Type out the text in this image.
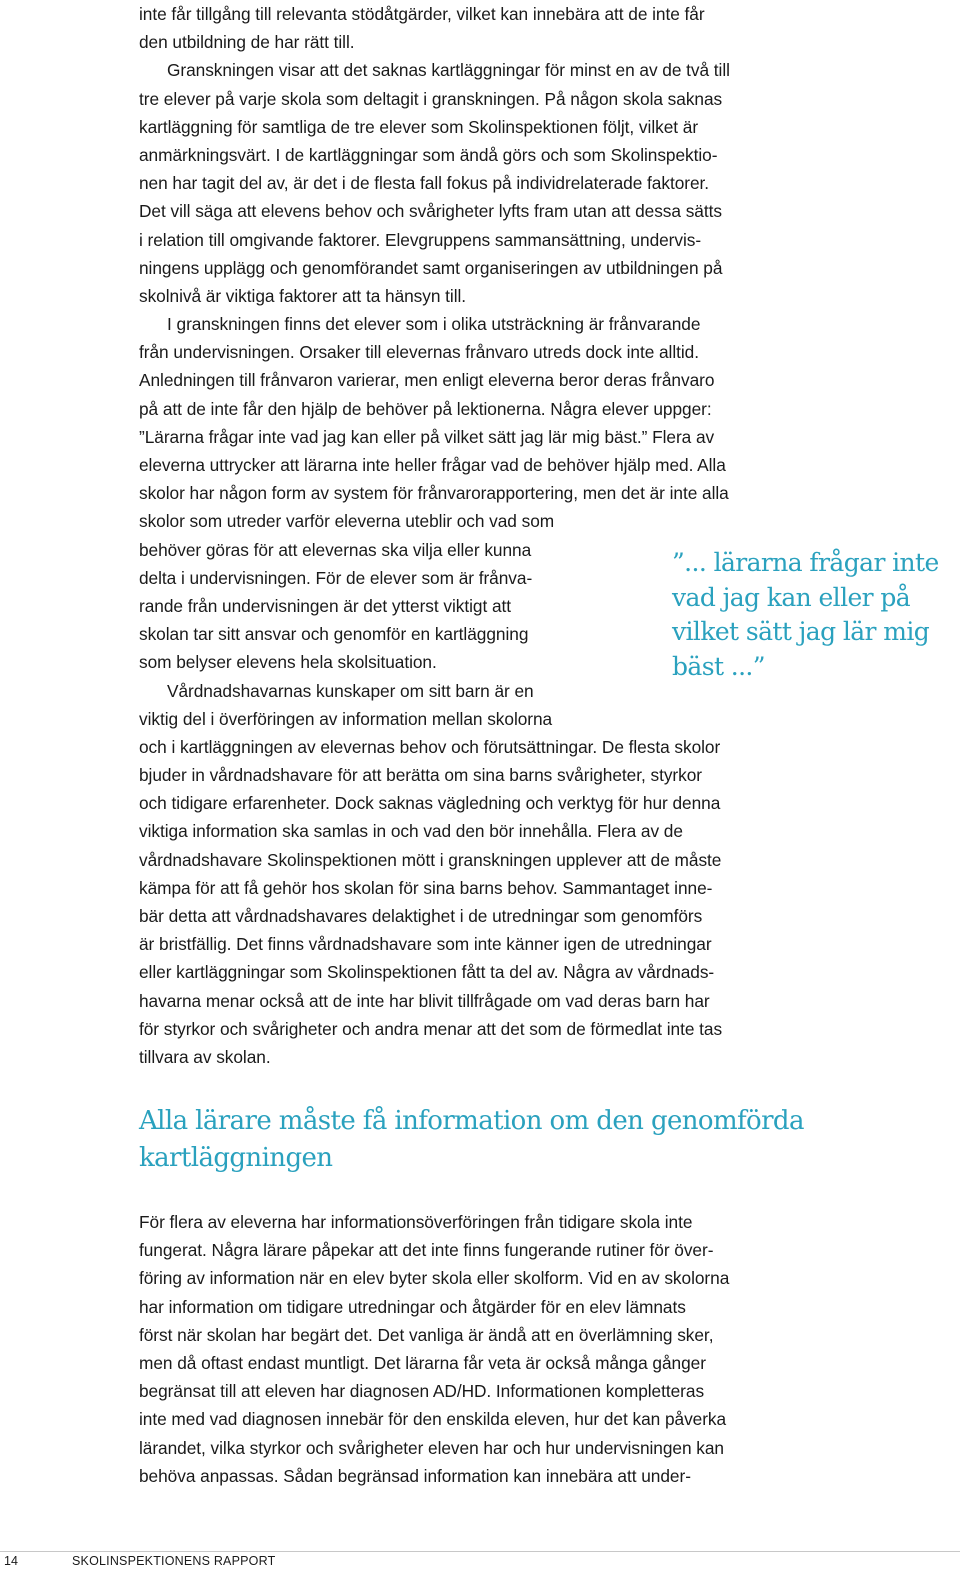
inte får tillgång till relevanta stödåtgärder, vilket kan innebära att de inte får
den utbildning de har rätt till.
Granskningen visar att det saknas kartläggningar för minst en av de två till
tre elever på varje skola som deltagit i granskningen. På någon skola saknas
kartläggning för samtliga de tre elever som Skolinspektionen följt, vilket är
anmärkningsvärt. I de kartläggningar som ändå görs och som Skolinspektio-
nen har tagit del av, är det i de flesta fall fokus på individrelaterade faktorer.
Det vill säga att elevens behov och svårigheter lyfts fram utan att dessa sätts
i relation till omgivande faktorer. Elevgruppens sammansättning, undervis-
ningens upplägg och genomförandet samt organiseringen av utbildningen på
skolnivå är viktiga faktorer att ta hänsyn till.
I granskningen finns det elever som i olika utsträckning är frånvarande
från undervisningen. Orsaker till elevernas frånvaro utreds dock inte alltid.
Anledningen till frånvaron varierar, men enligt eleverna beror deras frånvaro
på att de inte får den hjälp de behöver på lektionerna. Några elever uppger:
”Lärarna frågar inte vad jag kan eller på vilket sätt jag lär mig bäst.” Flera av
eleverna uttrycker att lärarna inte heller frågar vad de behöver hjälp med. Alla
skolor har någon form av system för frånvarorapportering, men det är inte alla
skolor som utreder varför eleverna uteblir och vad som
behöver göras för att elevernas ska vilja eller kunna
delta i undervisningen. För de elever som är frånva-
rande från undervisningen är det ytterst viktigt att
skolan tar sitt ansvar och genomför en kartläggning
som belyser elevens hela skolsituation.
Vårdnadshavarnas kunskaper om sitt barn är en
viktig del i överföringen av information mellan skolorna
och i kartläggningen av elevernas behov och förutsättningar. De flesta skolor
bjuder in vårdnadshavare för att berätta om sina barns svårigheter, styrkor
och tidigare erfarenheter. Dock saknas vägledning och verktyg för hur denna
viktiga information ska samlas in och vad den bör innehålla. Flera av de
vårdnadshavare Skolinspektionen mött i granskningen upplever att de måste
kämpa för att få gehör hos skolan för sina barns behov. Sammantaget inne-
bär detta att vårdnadshavares delaktighet i de utredningar som genomförs
är bristfällig. Det finns vårdnadshavare som inte känner igen de utredningar
eller kartläggningar som Skolinspektionen fått ta del av. Några av vårdnads-
havarna menar också att de inte har blivit tillfrågade om vad deras barn har
för styrkor och svårigheter och andra menar att det som de förmedlat inte tas
tillvara av skolan.

”... lärarna frågar inte
vad jag kan eller på
vilket sätt jag lär mig
bäst ...”
Alla lärare måste få information om den genomförda
kartläggningen

För flera av eleverna har informationsöverföringen från tidigare skola inte
fungerat. Några lärare påpekar att det inte finns fungerande rutiner för över-
föring av information när en elev byter skola eller skolform. Vid en av skolorna
har information om tidigare utredningar och åtgärder för en elev lämnats
först när skolan har begärt det. Det vanliga är ändå att en överlämning sker,
men då oftast endast muntligt. Det lärarna får veta är också många gånger
begränsat till att eleven har diagnosen AD/HD. Informationen kompletteras
inte med vad diagnosen innebär för den enskilda eleven, hur det kan påverka
lärandet, vilka styrkor och svårigheter eleven har och hur undervisningen kan
behöva anpassas. Sådan begränsad information kan innebära att under-

14	SKOLINSPEKTIONENS RAPPORT
